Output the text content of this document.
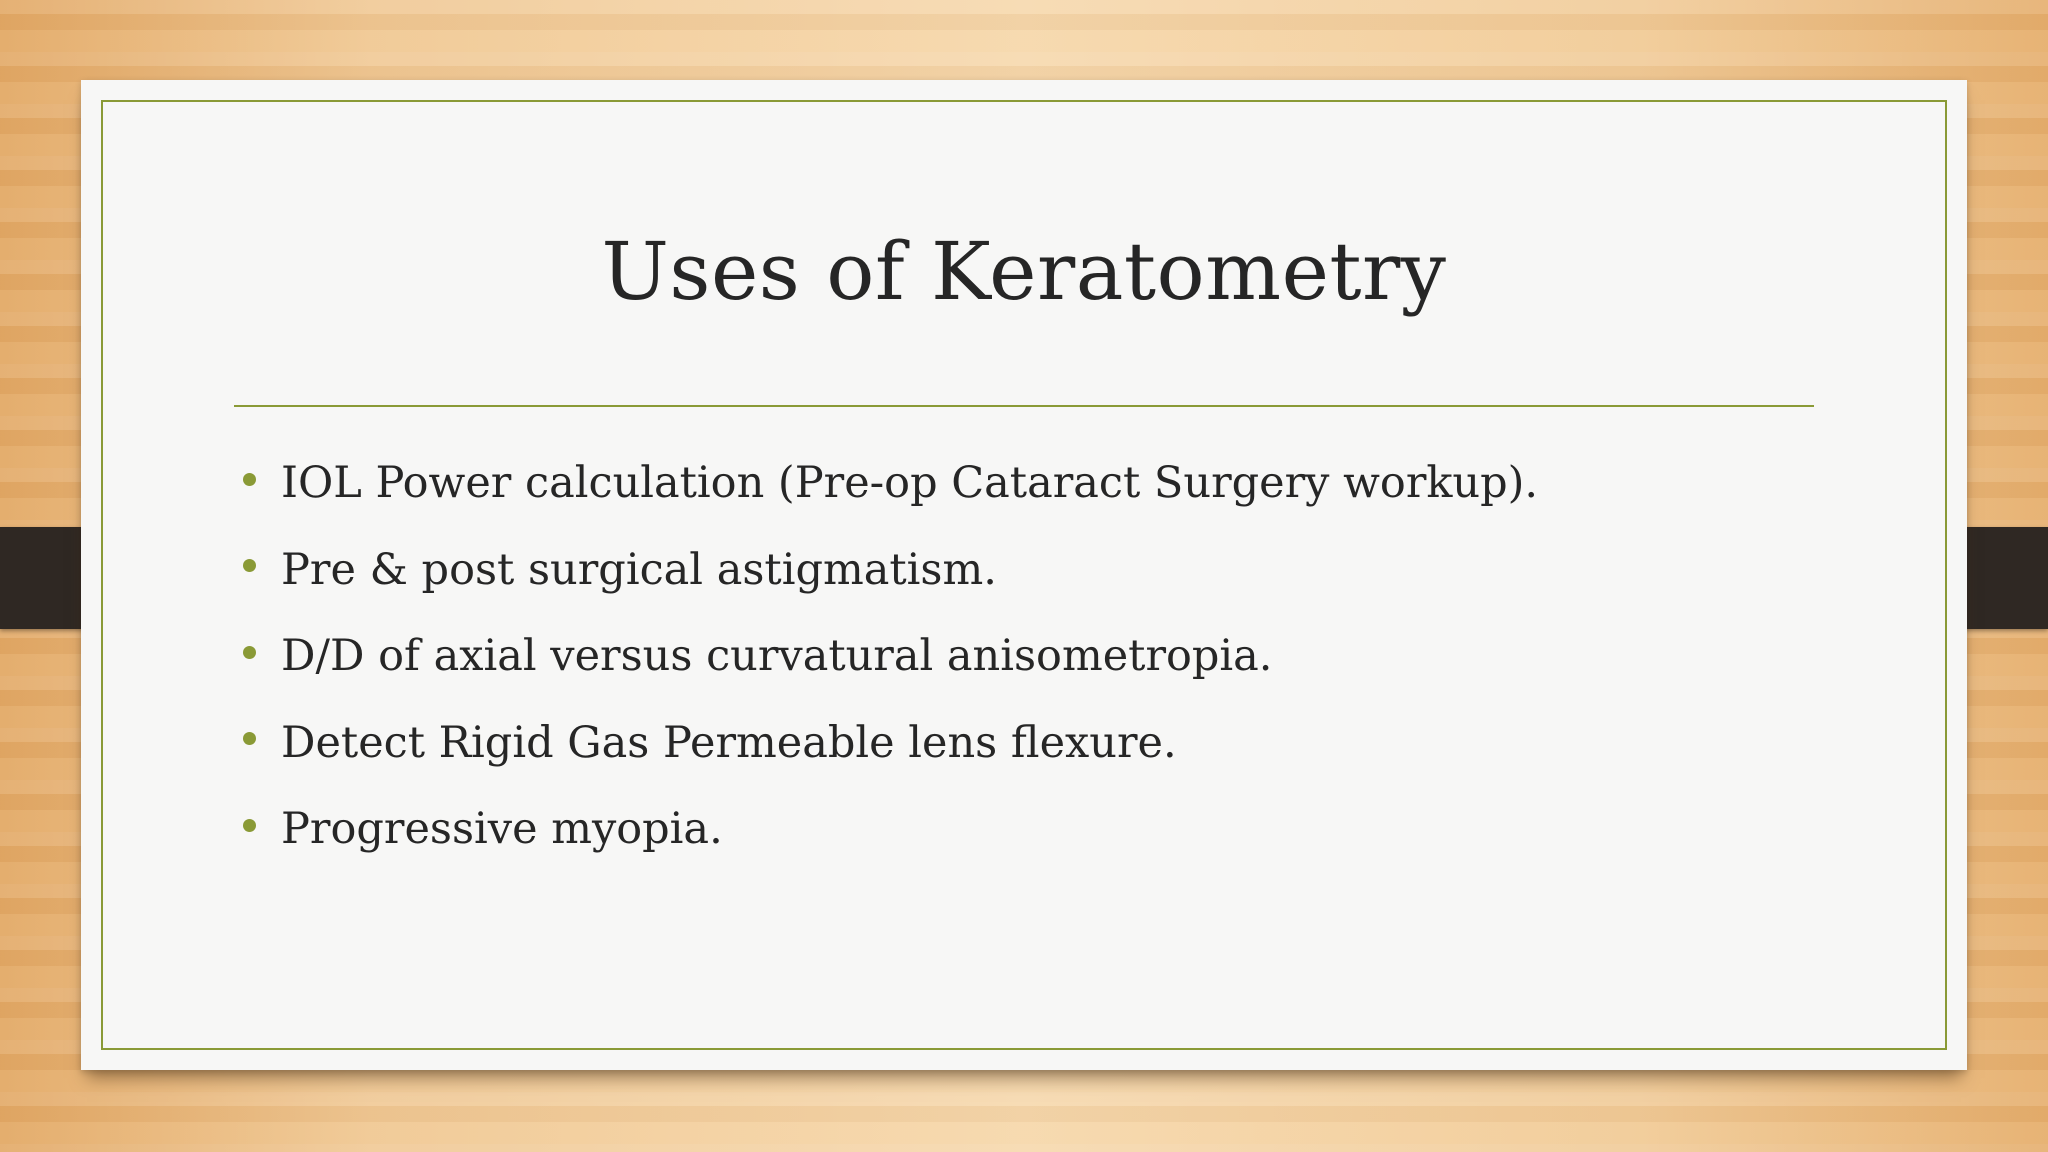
Uses of Keratometry
IOL Power calculation (Pre-op Cataract Surgery workup).
Pre & post surgical astigmatism.
D/D of axial versus curvatural anisometropia.
Detect Rigid Gas Permeable lens flexure.
Progressive myopia.
